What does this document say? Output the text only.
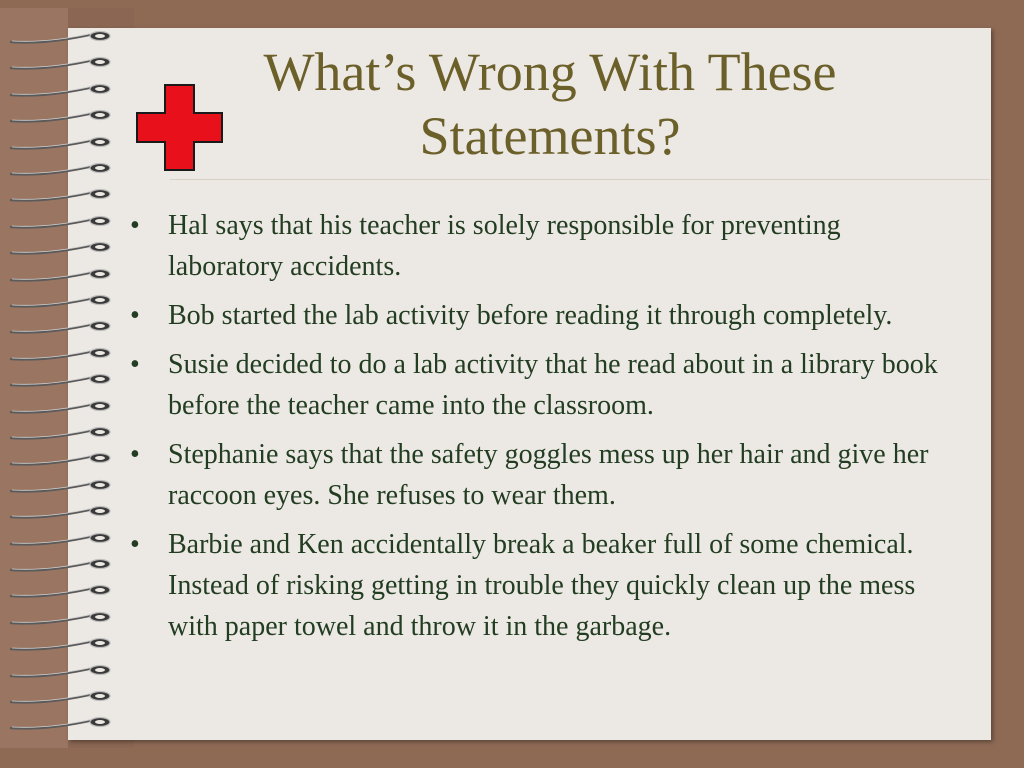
What’s Wrong With These Statements?
• Hal says that his teacher is solely responsible for preventing laboratory accidents.
• Bob started the lab activity before reading it through completely.
• Susie decided to do a lab activity that he read about in a library book before the teacher came into the classroom.
• Stephanie says that the safety goggles mess up her hair and give her raccoon eyes. She refuses to wear them.
• Barbie and Ken accidentally break a beaker full of some chemical. Instead of risking getting in trouble they quickly clean up the mess with paper towel and throw it in the garbage.
